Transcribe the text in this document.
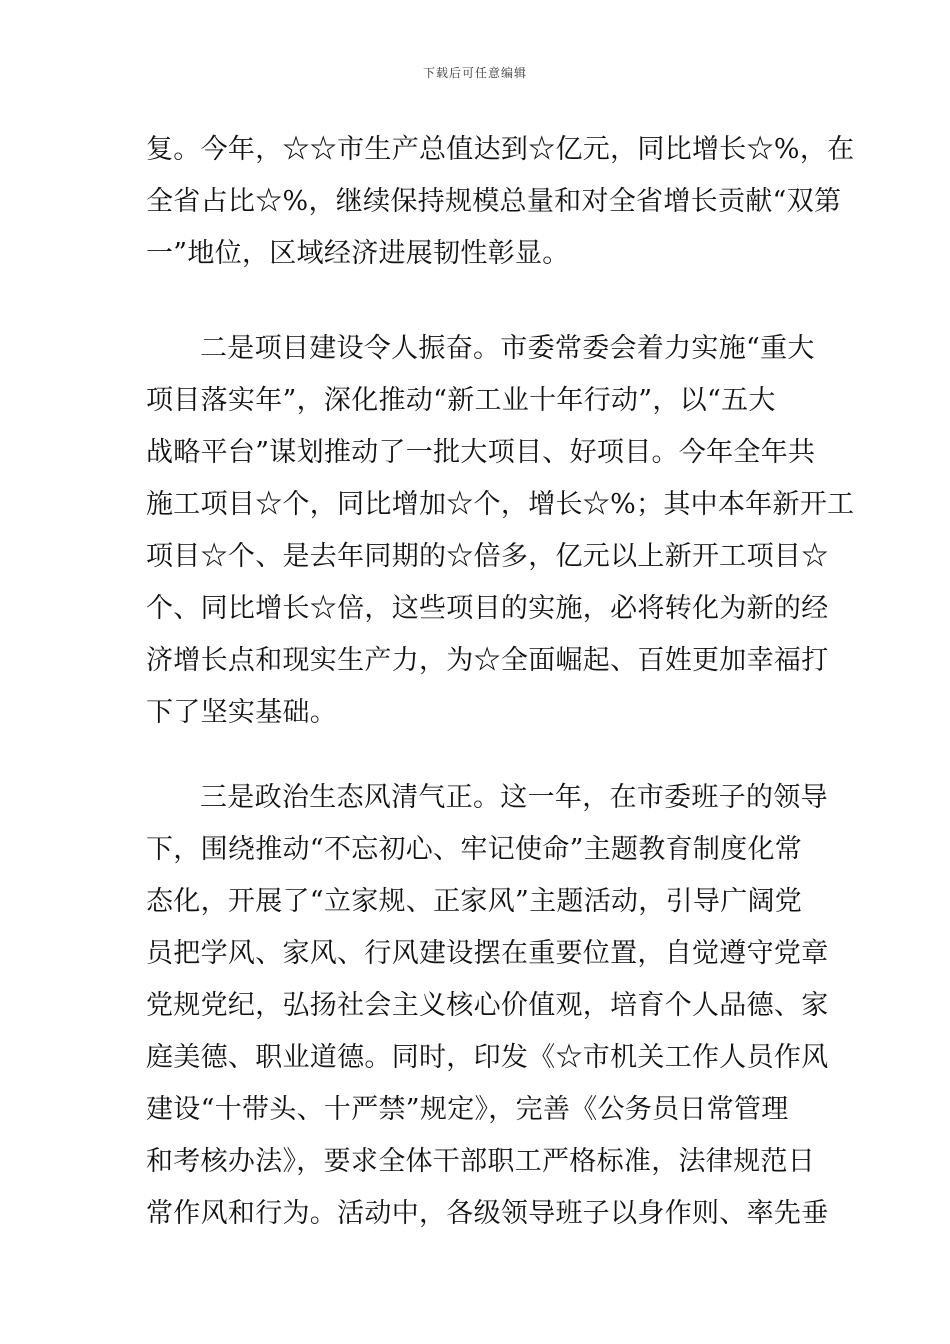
下载后可任意编辑
复。今年，☆☆市生产总值达到☆亿元，同比增长☆%，在
全省占比☆%，继续保持规模总量和对全省增长贡献“双第
一”地位，区域经济进展韧性彰显。
二是项目建设令人振奋。市委常委会着力实施“重大
项目落实年”，深化推动“新工业十年行动”，以“五大
战略平台”谋划推动了一批大项目、好项目。今年全年共
施工项目☆个，同比增加☆个，增长☆%；其中本年新开工
项目☆个、是去年同期的☆倍多，亿元以上新开工项目☆
个、同比增长☆倍，这些项目的实施，必将转化为新的经
济增长点和现实生产力，为☆全面崛起、百姓更加幸福打
下了坚实基础。
三是政治生态风清气正。这一年，在市委班子的领导
下，围绕推动“不忘初心、牢记使命”主题教育制度化常
态化，开展了“立家规、正家风”主题活动，引导广阔党
员把学风、家风、行风建设摆在重要位置，自觉遵守党章
党规党纪，弘扬社会主义核心价值观，培育个人品德、家
庭美德、职业道德。同时，印发《☆市机关工作人员作风
建设“十带头、十严禁”规定》，完善《公务员日常管理
和考核办法》，要求全体干部职工严格标准，法律规范日
常作风和行为。活动中，各级领导班子以身作则、率先垂
